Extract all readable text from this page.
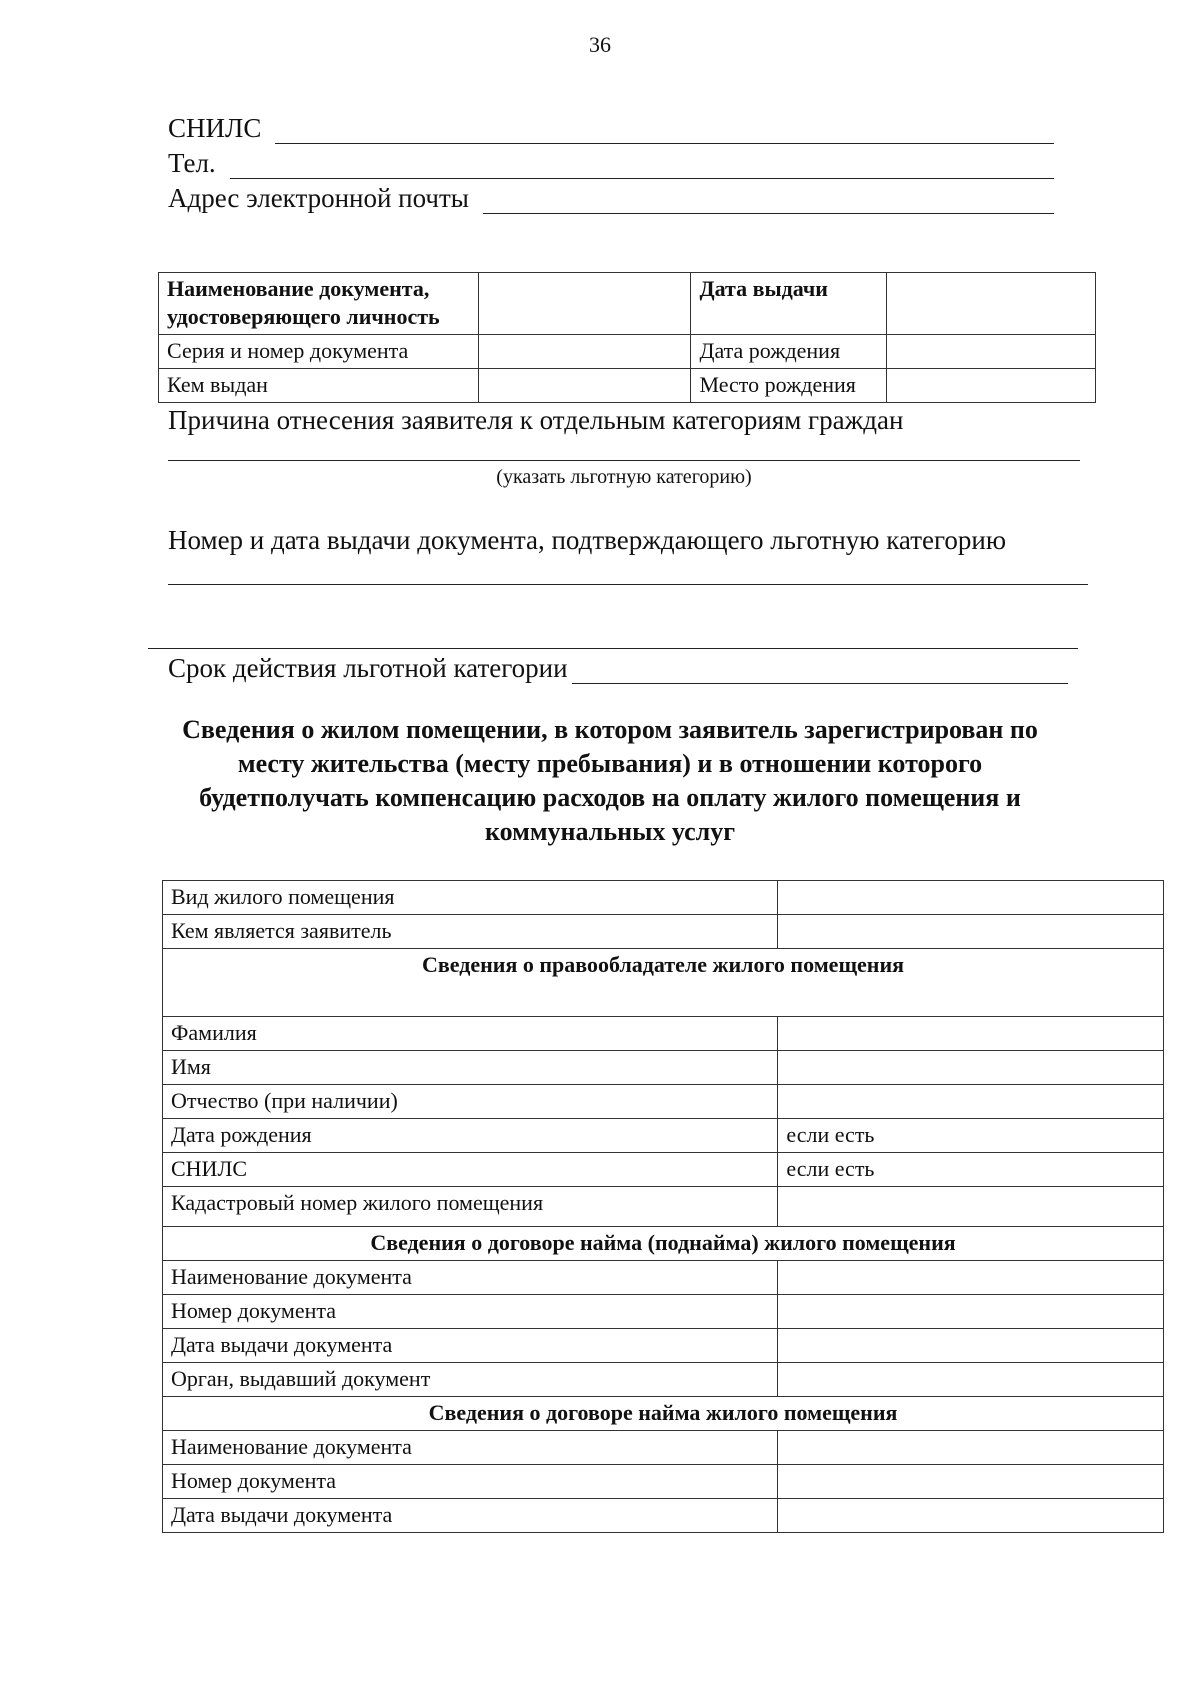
36
СНИЛС
Тел.
Адрес электронной почты
Наименование документа, удостоверяющего личность		Дата выдачи	
Серия и номер документа		Дата рождения	
Кем выдан		Место рождения	
Причина отнесения заявителя к отдельным категориям граждан
(указать льготную категорию)
Номер и дата выдачи документа, подтверждающего льготную категорию
Срок действия льготной категории
Сведения о жилом помещении, в котором заявитель зарегистрирован по месту жительства (месту пребывания) и в отношении которого будетполучать компенсацию расходов на оплату жилого помещения и коммунальных услуг
Вид жилого помещения	
Кем является заявитель	
Сведения о правообладателе жилого помещения	
Фамилия	
Имя	
Отчество (при наличии)	
Дата рождения	если есть
СНИЛС	если есть
Кадастровый номер жилого помещения	
Сведения о договоре найма (поднайма) жилого помещения	
Наименование документа	
Номер документа	
Дата выдачи документа	
Орган, выдавший документ	
Сведения о договоре найма жилого помещения	
Наименование документа	
Номер документа	
Дата выдачи документа	
